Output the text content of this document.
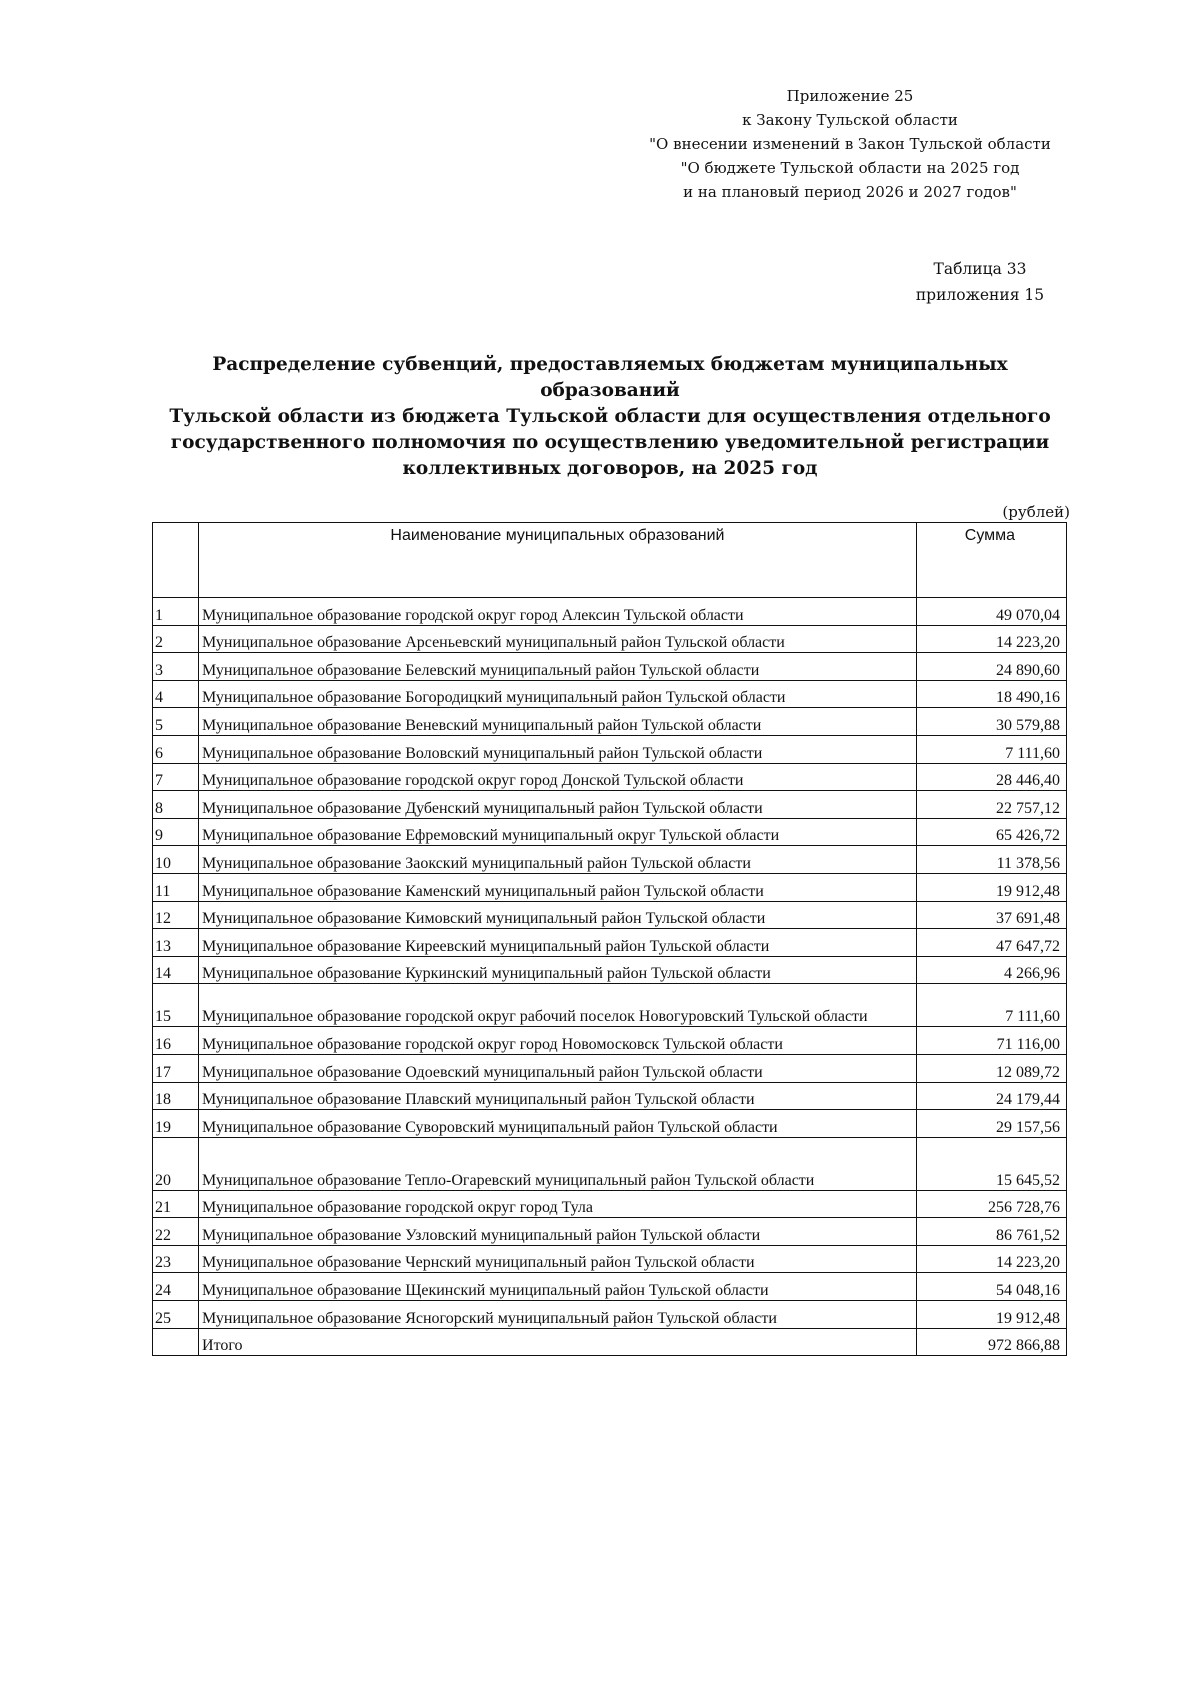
Приложение 25
к Закону Тульской области
"О внесении изменений в Закон Тульской области
"О бюджете Тульской области на 2025 год
и на плановый период 2026 и 2027 годов"
Таблица 33
приложения 15
Распределение субвенций, предоставляемых бюджетам муниципальных образований
Тульской области из бюджета Тульской области для осуществления отдельного
государственного полномочия по осуществлению уведомительной регистрации
коллективных договоров, на 2025 год
(рублей)
	Наименование муниципальных образований	Сумма
1	Муниципальное образование городской округ город Алексин Тульской области	49 070,04
2	Муниципальное образование Арсеньевский муниципальный район Тульской области	14 223,20
3	Муниципальное образование Белевский муниципальный район Тульской области	24 890,60
4	Муниципальное образование Богородицкий муниципальный район Тульской области	18 490,16
5	Муниципальное образование Веневский муниципальный район Тульской области	30 579,88
6	Муниципальное образование Воловский муниципальный район Тульской области	7 111,60
7	Муниципальное образование городской округ город Донской Тульской области	28 446,40
8	Муниципальное образование Дубенский муниципальный район Тульской области	22 757,12
9	Муниципальное образование Ефремовский муниципальный округ Тульской области	65 426,72
10	Муниципальное образование Заокский муниципальный район Тульской области	11 378,56
11	Муниципальное образование Каменский муниципальный район Тульской области	19 912,48
12	Муниципальное образование Кимовский муниципальный район Тульской области	37 691,48
13	Муниципальное образование Киреевский муниципальный район Тульской области	47 647,72
14	Муниципальное образование Куркинский муниципальный район Тульской области	4 266,96
15	Муниципальное образование городской округ рабочий поселок Новогуровский Тульской области	7 111,60
16	Муниципальное образование городской округ город Новомосковск Тульской области	71 116,00
17	Муниципальное образование Одоевский муниципальный район Тульской области	12 089,72
18	Муниципальное образование Плавский муниципальный район Тульской области	24 179,44
19	Муниципальное образование Суворовский муниципальный район Тульской области	29 157,56
20	Муниципальное образование Тепло-Огаревский муниципальный район Тульской области	15 645,52
21	Муниципальное образование городской округ город Тула	256 728,76
22	Муниципальное образование Узловский муниципальный район Тульской области	86 761,52
23	Муниципальное образование Чернский муниципальный район Тульской области	14 223,20
24	Муниципальное образование Щекинский муниципальный район Тульской области	54 048,16
25	Муниципальное образование Ясногорский муниципальный район Тульской области	19 912,48
	Итого	972 866,88
